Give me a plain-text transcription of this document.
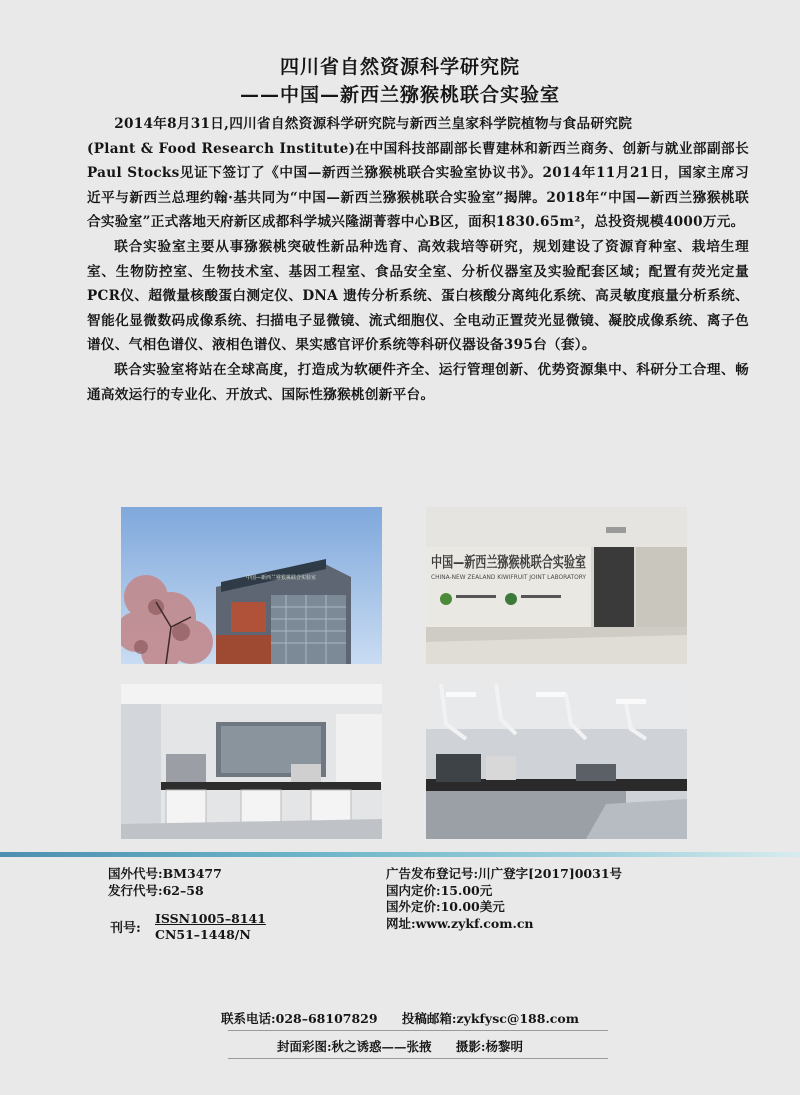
四川省自然资源科学研究院
——中国—新西兰猕猴桃联合实验室

2014年8月31日,四川省自然资源科学研究院与新西兰皇家科学院植物与食品研究院

(Plant & Food Research Institute)在中国科技部副部长曹建林和新西兰商务、创新与就业部副部长Paul Stocks见证下签订了《中国—新西兰猕猴桃联合实验室协议书》。2014年11月21日，国家主席习近平与新西兰总理约翰·基共同为“中国—新西兰猕猴桃联合实验室”揭牌。2018年“中国—新西兰猕猴桃联合实验室”正式落地天府新区成都科学城兴隆湖菁蓉中心B区，面积1830.65m²，总投资规模4000万元。

联合实验室主要从事猕猴桃突破性新品种选育、高效栽培等研究，规划建设了资源育种室、栽培生理室、生物防控室、生物技术室、基因工程室、食品安全室、分析仪器室及实验配套区域；配置有荧光定量PCR仪、超微量核酸蛋白测定仪、DNA 遗传分析系统、蛋白核酸分离纯化系统、高灵敏度痕量分析系统、智能化显微数码成像系统、扫描电子显微镜、流式细胞仪、全电动正置荧光显微镜、凝胶成像系统、离子色谱仪、气相色谱仪、液相色谱仪、果实感官评价系统等科研仪器设备395台（套）。

联合实验室将站在全球高度，打造成为软硬件齐全、运行管理创新、优势资源集中、科研分工合理、畅通高效运行的专业化、开放式、国际性猕猴桃创新平台。

中国—新西兰猕猴桃联合实验室
中国—新西兰猕猴桃联合实验室
CHINA-NEW ZEALAND KIWIFRUIT JOINT LABORATORY
国外代号:BM3477
发行代号:62–58
刊号:
ISSN1005–8141
CN51–1448/N
广告发布登记号:川广登字[2017]0031号
国内定价:15.00元
国外定价:10.00美元
网址:www.zykf.com.cn
联系电话:028–68107829 投稿邮箱:zykfysc@188.com
封面彩图:秋之诱惑——张掖 摄影:杨黎明
